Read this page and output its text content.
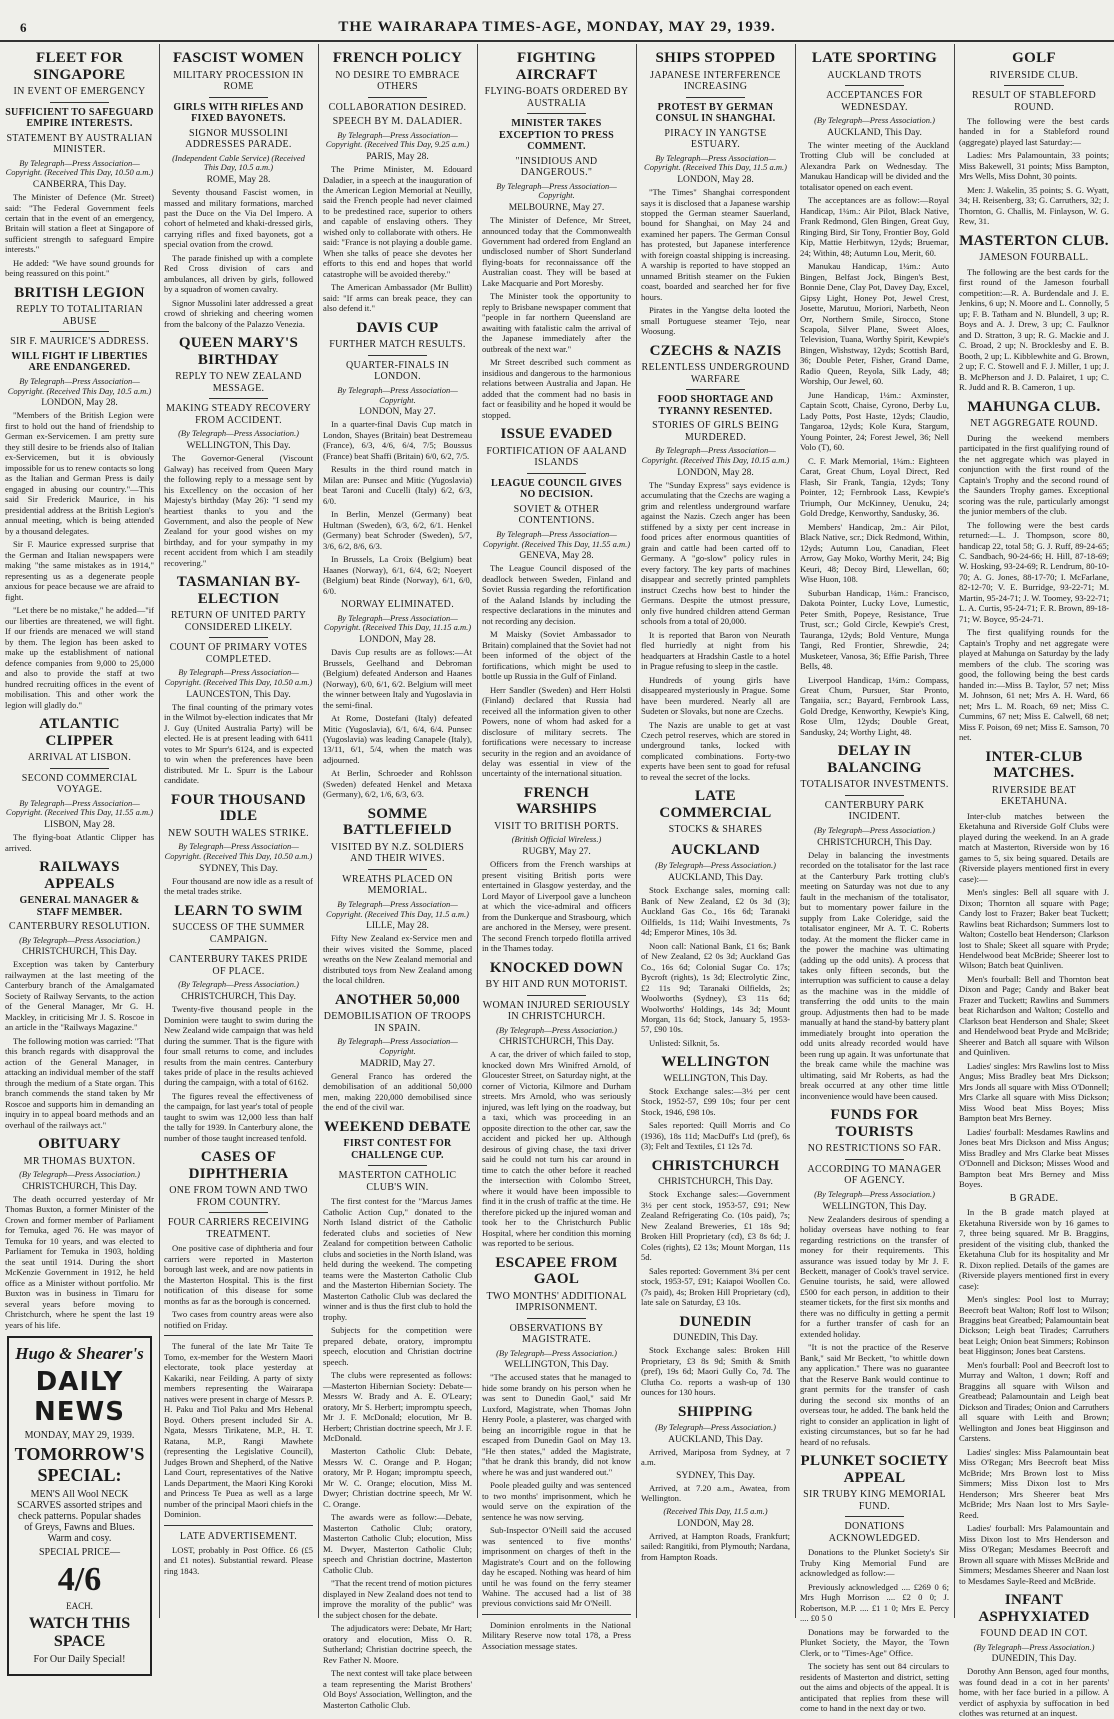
6	THE WAIRARAPA TIMES-AGE, MONDAY, MAY 29, 1939.
FLEET FOR SINGAPORE
IN EVENT OF EMERGENCY
SUFFICIENT TO SAFEGUARD EMPIRE INTERESTS.
STATEMENT BY AUSTRALIAN MINISTER.
By Telegraph—Press Association—Copyright. (Received This Day, 10.50 a.m.)
CANBERRA, This Day.
The Minister of Defence (Mr. Street) said: "The Federal Government feels certain that in the event of an emergency, Britain will station a fleet at Singapore of sufficient strength to safeguard Empire interests."
He added: "We have sound grounds for being reassured on this point."
BRITISH LEGION
REPLY TO TOTALITARIAN ABUSE
SIR F. MAURICE'S ADDRESS.
WILL FIGHT IF LIBERTIES ARE ENDANGERED.
By Telegraph—Press Association—Copyright. (Received This Day, 10.5 a.m.)
LONDON, May 28.
"Members of the British Legion were first to hold out the hand of friendship to German ex-Servicemen. I am pretty sure they still desire to be friends also of Italian ex-Servicemen, but it is obviously impossible for us to renew contacts so long as the Italian and German Press is daily engaged in abusing our country."—This said Sir Frederick Maurice, in his presidential address at the British Legion's annual meeting, which is being attended by a thousand delegates.
Sir F. Maurice expressed surprise that the German and Italian newspapers were making "the same mistakes as in 1914," representing us as a degenerate people anxious for peace because we are afraid to fight.
"Let there be no mistake," he added—"if our liberties are threatened, we will fight. If our friends are menaced we will stand by them. The legion has been asked to make up the establishment of national defence companies from 9,000 to 25,000 and also to provide the staff at two hundred recruiting offices in the event of mobilisation. This and other work the legion will gladly do."
ATLANTIC CLIPPER
ARRIVAL AT LISBON.
SECOND COMMERCIAL VOYAGE.
By Telegraph—Press Association—Copyright. (Received This Day, 11.55 a.m.)
LISBON, May 28.
The flying-boat Atlantic Clipper has arrived.
RAILWAYS APPEALS
GENERAL MANAGER & STAFF MEMBER.
CANTERBURY RESOLUTION.
(By Telegraph—Press Association.)
CHRISTCHURCH, This Day.
Exception was taken by Canterbury railwaymen at the last meeting of the Canterbury branch of the Amalgamated Society of Railway Servants, to the action of the General Manager, Mr G. H. Mackley, in criticising Mr J. S. Roscoe in an article in the "Railways Magazine."
The following motion was carried: "That this branch regards with disapproval the action of the General Manager, in attacking an individual member of the staff through the medium of a State organ. This branch commends the stand taken by Mr Roscoe and supports him in demanding an inquiry in to appeal board methods and an overhaul of the railways act."
OBITUARY
MR THOMAS BUXTON.
(By Telegraph—Press Association.)
CHRISTCHURCH, This Day.
The death occurred yesterday of Mr Thomas Buxton, a former Minister of the Crown and former member of Parliament for Temuka, aged 76. He was mayor of Temuka for 10 years, and was elected to Parliament for Temuka in 1903, holding the seat until 1914. During the short McKenzie Government in 1912, he held office as a Minister without portfolio. Mr Buxton was in business in Timaru for several years before moving to Christchurch, where he spent the last 19 years of his life.
Hugo & Shearer's
DAILY NEWS
MONDAY, MAY 29, 1939.
TOMORROW'S SPECIAL:
MEN'S All Wool NECK SCARVES assorted stripes and check patterns. Popular shades of Greys, Fawns and Blues. Warm and cosy.
SPECIAL PRICE—
4/6
EACH.
WATCH THIS SPACE
For Our Daily Special!
FASCIST WOMEN
MILITARY PROCESSION IN ROME
GIRLS WITH RIFLES AND FIXED BAYONETS.
SIGNOR MUSSOLINI ADDRESSES PARADE.
(Independent Cable Service) (Received This Day, 10.5 a.m.)
ROME, May 28.
Seventy thousand Fascist women, in massed and military formations, marched past the Duce on the Via Del Impero. A cohort of helmeted and khaki-dressed girls, carrying rifles and fixed bayonets, got a special ovation from the crowd.
The parade finished up with a complete Red Cross division of cars and ambulances, all driven by girls, followed by a squadron of women cavalry.
Signor Mussolini later addressed a great crowd of shrieking and cheering women from the balcony of the Palazzo Venezia.
QUEEN MARY'S BIRTHDAY
REPLY TO NEW ZEALAND MESSAGE.
MAKING STEADY RECOVERY FROM ACCIDENT.
(By Telegraph—Press Association.)
WELLINGTON, This Day.
The Governor-General (Viscount Galway) has received from Queen Mary the following reply to a message sent by his Excellency on the occasion of her Majesty's birthday (May 26): "I send my heartiest thanks to you and the Government, and also the people of New Zealand for your good wishes on my birthday, and for your sympathy in my recent accident from which I am steadily recovering."
TASMANIAN BY-ELECTION
RETURN OF UNITED PARTY CONSIDERED LIKELY.
COUNT OF PRIMARY VOTES COMPLETED.
By Telegraph—Press Association—Copyright. (Received This Day, 10.50 a.m.)
LAUNCESTON, This Day.
The final counting of the primary votes in the Wilmot by-election indicates that Mr J. Guy (United Australia Party) will be elected. He is at present leading with 6411 votes to Mr Spurr's 6124, and is expected to win when the preferences have been distributed. Mr L. Spurr is the Labour candidate.
FOUR THOUSAND IDLE
NEW SOUTH WALES STRIKE.
By Telegraph—Press Association—Copyright. (Received This Day, 10.50 a.m.)
SYDNEY, This Day.
Four thousand are now idle as a result of the metal trades strike.
LEARN TO SWIM
SUCCESS OF THE SUMMER CAMPAIGN.
CANTERBURY TAKES PRIDE OF PLACE.
(By Telegraph—Press Association.)
CHRISTCHURCH, This Day.
Twenty-five thousand people in the Dominion were taught to swim during the New Zealand wide campaign that was held during the summer. That is the figure with four small returns to come, and includes results from the main centres. Canterbury takes pride of place in the results achieved during the campaign, with a total of 6162.
The figures reveal the effectiveness of the campaign, for last year's total of people taught to swim was 12,000 less than half the tally for 1939. In Canterbury alone, the number of those taught increased tenfold.
CASES OF DIPHTHERIA
ONE FROM TOWN AND TWO FROM COUNTRY.
FOUR CARRIERS RECEIVING TREATMENT.
One positive case of diphtheria and four carriers were reported in Masterton borough last week, and are now patients in the Masterton Hospital. This is the first notification of this disease for some months as far as the borough is concerned.
Two cases from country areas were also notified on Friday.
The funeral of the late Mr Taite Te Tomo, ex-member for the Western Maori electorate, took place yesterday at Kakariki, near Feilding. A party of sixty members representing the Wairarapa natives were present in charge of Messrs P. H. Paku and Tiol Paku and Mrs Hebenal Boyd. Others present included Sir A. Ngata, Messrs Tirikatene, M.P., H. T. Ratana, M.P., Rangi Mawhete (representing the Legislative Council), Judges Brown and Shepherd, of the Native Land Court, representatives of the Native Lands Department, the Maori King Koroki and Princess Te Puea as well as a large number of the principal Maori chiefs in the Dominion.
LATE ADVERTISEMENT.
LOST, probably in Post Office. £6 (£5 and £1 notes). Substantial reward. Please ring 1843.
FRENCH POLICY
NO DESIRE TO EMBRACE OTHERS
COLLABORATION DESIRED.
SPEECH BY M. DALADIER.
By Telegraph—Press Association—Copyright. (Received This Day, 9.25 a.m.)
PARIS, May 28.
The Prime Minister, M. Edouard Daladier, in a speech at the inauguration of the American Legion Memorial at Neuilly, said the French people had never claimed to be predestined race, superior to others and capable of enslaving others. They wished only to collaborate with others. He said: "France is not playing a double game. When she talks of peace she devotes her efforts to this end and hopes that world catastrophe will be avoided thereby."
The American Ambassador (Mr Bullitt) said: "If arms can break peace, they can also defend it."
DAVIS CUP
FURTHER MATCH RESULTS.
QUARTER-FINALS IN LONDON.
By Telegraph—Press Association—Copyright.
LONDON, May 27.
In a quarter-final Davis Cup match in London, Shayes (Britain) beat Destremeau (France), 6/3, 4/6, 6/4, 7/5; Boussus (France) beat Shaffi (Britain) 6/0, 6/2, 7/5.
Results in the third round match in Milan are: Punsec and Mitic (Yugoslavia) beat Taroni and Cucelli (Italy) 6/2, 6/3, 6/0.
In Berlin, Menzel (Germany) beat Hultman (Sweden), 6/3, 6/2, 6/1. Henkel (Germany) beat Schroder (Sweden), 5/7, 3/6, 6/2, 8/6, 6/3.
In Brussels, La Croix (Belgium) beat Haanes (Norway), 6/1, 6/4, 6/2; Noeyert (Belgium) beat Rinde (Norway), 6/1, 6/0, 6/0.
NORWAY ELIMINATED.
By Telegraph—Press Association—Copyright. (Received This Day, 11.15 a.m.)
LONDON, May 28.
Davis Cup results are as follows:—At Brussels, Geelhand and Debroman (Belgium) defeated Anderson and Haanes (Norway), 6/0, 6/1, 6/2. Belgium will meet the winner between Italy and Yugoslavia in the semi-final.
At Rome, Dostefani (Italy) defeated Mitic (Yugoslavia), 6/1, 6/4, 6/4. Punsec (Yugoslavia) was leading Canapele (Italy), 13/11, 6/1, 5/4, when the match was adjourned.
At Berlin, Schroeder and Rohlsson (Sweden) defeated Henkel and Metaxa (Germany), 6/2, 1/6, 6/3, 6/3.
SOMME BATTLEFIELD
VISITED BY N.Z. SOLDIERS AND THEIR WIVES.
WREATHS PLACED ON MEMORIAL.
By Telegraph—Press Association—Copyright. (Received This Day, 11.5 a.m.)
LILLE, May 28.
Fifty New Zealand ex-Service men and their wives visited the Somme, placed wreaths on the New Zealand memorial and distributed toys from New Zealand among the local children.
ANOTHER 50,000
DEMOBILISATION OF TROOPS IN SPAIN.
By Telegraph—Press Association—Copyright.
MADRID, May 27.
General Franco has ordered the demobilisation of an additional 50,000 men, making 220,000 demobilised since the end of the civil war.
WEEKEND DEBATE
FIRST CONTEST FOR CHALLENGE CUP.
MASTERTON CATHOLIC CLUB'S WIN.
The first contest for the "Marcus James Catholic Action Cup," donated to the North Island district of the Catholic federated clubs and societies of New Zealand for competition between Catholic clubs and societies in the North Island, was held during the weekend. The competing teams were the Masterton Catholic Club and the Masterton Hibernian Society. The Masterton Catholic Club was declared the winner and is thus the first club to hold the trophy.
Subjects for the competition were prepared debate, oratory, impromptu speech, elocution and Christian doctrine speech.
The clubs were represented as follows:—Masterton Hibernian Society: Debate—Messrs W. Brady and A. E. O'Leary; oratory, Mr S. Herbert; impromptu speech, Mr J. F. McDonald; elocution, Mr B. Herbert; Christian doctrine speech, Mr J. F. McDonald.
Masterton Catholic Club: Debate, Messrs W. C. Orange and P. Hogan; oratory, Mr P. Hogan; impromptu speech, Mr W. C. Orange; elocution, Miss M. Dwyer; Christian doctrine speech, Mr W. C. Orange.
The awards were as follow:—Debate, Masterton Catholic Club; oratory, Masterton Catholic Club; elocution, Miss M. Dwyer, Masterton Catholic Club; speech and Christian doctrine, Masterton Catholic Club.
"That the recent trend of motion pictures displayed in New Zealand does not tend to improve the morality of the public" was the subject chosen for the debate.
The adjudicators were: Debate, Mr Hart; oratory and elocution, Miss O. R. Sutherland; Christian doctrine speech, the Rev Father N. Moore.
The next contest will take place between a team representing the Marist Brothers' Old Boys' Association, Wellington, and the Masterton Catholic Club.
FIGHTING AIRCRAFT
FLYING-BOATS ORDERED BY AUSTRALIA
MINISTER TAKES EXCEPTION TO PRESS COMMENT.
"INSIDIOUS AND DANGEROUS."
By Telegraph—Press Association—Copyright.
MELBOURNE, May 27.
The Minister of Defence, Mr Street, announced today that the Commonwealth Government had ordered from England an undisclosed number of Short Sunderland flying-boats for reconnaissance off the Australian coast. They will be based at Lake Macquarie and Port Moresby.
The Minister took the opportunity to reply to Brisbane newspaper comment that "people in far northern Queensland are awaiting with fatalistic calm the arrival of the Japanese immediately after the outbreak of the next war."
Mr Street described such comment as insidious and dangerous to the harmonious relations between Australia and Japan. He added that the comment had no basis in fact or feasibility and he hoped it would be stopped.
ISSUE EVADED
FORTIFICATION OF AALAND ISLANDS
LEAGUE COUNCIL GIVES NO DECISION.
SOVIET & OTHER CONTENTIONS.
By Telegraph—Press Association—Copyright. (Received This Day, 11.55 a.m.)
GENEVA, May 28.
The League Council disposed of the deadlock between Sweden, Finland and Soviet Russia regarding the refortification of the Aaland Islands by including the respective declarations in the minutes and not recording any decision.
M Maisky (Soviet Ambassador to Britain) complained that the Soviet had not been informed of the object of the fortifications, which might be used to bottle up Russia in the Gulf of Finland.
Herr Sandler (Sweden) and Herr Holsti (Finland) declared that Russia had received all the information given to other Powers, none of whom had asked for a disclosure of military secrets. The fortifications were necessary to increase security in the region and an avoidance of delay was essential in view of the uncertainty of the international situation.
FRENCH WARSHIPS
VISIT TO BRITISH PORTS.
(British Official Wireless.)
RUGBY, May 27.
Officers from the French warships at present visiting British ports were entertained in Glasgow yesterday, and the Lord Mayor of Liverpool gave a luncheon at which the vice-admiral and officers from the Dunkerque and Strasbourg, which are anchored in the Mersey, were present. The second French torpedo flotilla arrived in the Thames today.
KNOCKED DOWN
BY HIT AND RUN MOTORIST.
WOMAN INJURED SERIOUSLY IN CHRISTCHURCH.
(By Telegraph—Press Association.)
CHRISTCHURCH, This Day.
A car, the driver of which failed to stop, knocked down Mrs Winifred Arnold, of Gloucester Street, on Saturday night, at the corner of Victoria, Kilmore and Durham streets. Mrs Arnold, who was seriously injured, was left lying on the roadway, but a taxi, which was proceeding in an opposite direction to the other car, saw the accident and picked her up. Although desirous of giving chase, the taxi driver said he could not turn his car around in time to catch the other before it reached the intersection with Colombo Street, where it would have been impossible to find it in the crush of traffic at the time. He therefore picked up the injured woman and took her to the Christchurch Public Hospital, where her condition this morning was reported to be serious.
ESCAPEE FROM GAOL
TWO MONTHS' ADDITIONAL IMPRISONMENT.
OBSERVATIONS BY MAGISTRATE.
(By Telegraph—Press Association.)
WELLINGTON, This Day.
"The accused states that he managed to hide some brandy on his person when he was sent to Dunedin Gaol," said Mr Luxford, Magistrate, when Thomas John Henry Poole, a plasterer, was charged with being an incorrigible rogue in that he escaped from Dunedin Gaol on May 13. "He then states," added the Magistrate, "that he drank this brandy, did not know where he was and just wandered out."
Poole pleaded guilty and was sentenced to two months' imprisonment, which he would serve on the expiration of the sentence he was now serving.
Sub-Inspector O'Neill said the accused was sentenced to five months' imprisonment on charges of theft in the Magistrate's Court and on the following day he escaped. Nothing was heard of him until he was found on the ferry steamer Wahine. The accused had a list of 38 previous convictions said Mr O'Neill.
Dominion enrolments in the National Military Reserve now total 178, a Press Association message states.
SHIPS STOPPED
JAPANESE INTERFERENCE INCREASING
PROTEST BY GERMAN CONSUL IN SHANGHAI.
PIRACY IN YANGTSE ESTUARY.
By Telegraph—Press Association—Copyright. (Received This Day, 11.5 a.m.)
LONDON, May 28.
"The Times" Shanghai correspondent says it is disclosed that a Japanese warship stopped the German steamer Sauerland, bound for Shanghai, on May 24 and examined her papers. The German Consul has protested, but Japanese interference with foreign coastal shipping is increasing. A warship is reported to have stopped an unnamed British steamer on the Fukien coast, boarded and searched her for five hours.
Pirates in the Yangtse delta looted the small Portuguese steamer Tejo, near Woosung.
CZECHS & NAZIS
RELENTLESS UNDERGROUND WARFARE
FOOD SHORTAGE AND TYRANNY RESENTED.
STORIES OF GIRLS BEING MURDERED.
By Telegraph—Press Association—Copyright. (Received This Day, 10.15 a.m.)
LONDON, May 28.
The "Sunday Express" says evidence is accumulating that the Czechs are waging a grim and relentless underground warfare against the Nazis. Czech anger has been stiffened by a sixty per cent increase in food prices after enormous quantities of grain and cattle had been carted off to Germany. A "go-slow" policy rules in every factory. The key parts of machines disappear and secretly printed pamphlets instruct Czechs how best to hinder the Germans. Despite the utmost pressure, only five hundred children attend German schools from a total of 20,000.
It is reported that Baron von Neurath fled hurriedly at night from his headquarters at Hradshin Castle to a hotel in Prague refusing to sleep in the castle.
Hundreds of young girls have disappeared mysteriously in Prague. Some have been murdered. Nearly all are Sudeten or Slovaks, but none are Czechs.
The Nazis are unable to get at vast Czech petrol reserves, which are stored in underground tanks, locked with complicated combinations. Forty-two experts have been sent to goad for refusal to reveal the secret of the locks.
LATE COMMERCIAL
STOCKS & SHARES
AUCKLAND
(By Telegraph—Press Association.)
AUCKLAND, This Day.
Stock Exchange sales, morning call: Bank of New Zealand, £2 0s 3d (3); Auckland Gas Co., 16s 6d; Taranaki Oilfields, 1s 11d; Waihi Investments, 7s 4d; Emperor Mines, 10s 3d.
Noon call: National Bank, £1 6s; Bank of New Zealand, £2 0s 3d; Auckland Gas Co., 16s 6d; Colonial Sugar Co. 17s; Bycroft (rights), 1s 3d; Electrolytic Zinc, £2 11s 9d; Taranaki Oilfields, 2s; Woolworths (Sydney), £3 11s 6d; Woolworths' Holdings, 14s 3d; Mount Morgan, 11s 6d; Stock, January 5, 1953-57, £90 10s.
Unlisted: Silknit, 5s.
WELLINGTON
WELLINGTON, This Day.
Stock Exchange sales:—3½ per cent Stock, 1952-57, £99 10s; four per cent Stock, 1946, £98 10s.
Sales reported: Quill Morris and Co (1936), 18s 11d; MacDuff's Ltd (pref), 6s (3); Felt and Textiles, £1 12s 7d.
CHRISTCHURCH
CHRISTCHURCH, This Day.
Stock Exchange sales:—Government 3½ per cent stock, 1953-57, £91; New Zealand Refrigerating Co. (10s paid), 7s; New Zealand Breweries, £1 18s 9d; Broken Hill Proprietary (cd), £3 8s 6d; J. Coles (rights), £2 13s; Mount Morgan, 11s 5d.
Sales reported: Government 3¼ per cent stock, 1953-57, £91; Kaiapoi Woollen Co. (7s paid), 4s; Broken Hill Proprietary (cd), late sale on Saturday, £3 10s.
DUNEDIN
DUNEDIN, This Day.
Stock Exchange sales: Broken Hill Proprietary, £3 8s 9d; Smith & Smith (pref), 19s 6d; Maori Gully Co, 7d. The Clutha Co. reports a wash-up of 130 ounces for 130 hours.
SHIPPING
(By Telegraph—Press Association.)
AUCKLAND, This Day.
Arrived, Mariposa from Sydney, at 7 a.m.
SYDNEY, This Day.
Arrived, at 7.20 a.m., Awatea, from Wellington.
(Received This Day, 11.5 a.m.)
LONDON, May 28.
Arrived, at Hampton Roads, Frankfurt; sailed: Rangitiki, from Plymouth; Nardana, from Hampton Roads.
LATE SPORTING
AUCKLAND TROTS
ACCEPTANCES FOR WEDNESDAY.
(By Telegraph—Press Association.)
AUCKLAND, This Day.
The winter meeting of the Auckland Trotting Club will be concluded at Alexandra Park on Wednesday. The Manukau Handicap will be divided and the totalisator opened on each event.
The acceptances are as follow:—Royal Handicap, 1¼m.: Air Pilot, Black Native, Frank Redmond, Glen Bingen, Great Guy, Ringing Bird, Sir Tony, Frontier Boy, Gold Kip, Mattie Herbitwyn, 12yds; Bruemar, 24; Within, 48; Autumn Lou, Merit, 60.
Manukau Handicap, 1¼m.: Auto Bingen, Belfast Jock, Bingen's Best, Bonnie Dene, Clay Pot, Davey Day, Excel, Gipsy Light, Honey Pot, Jewel Crest, Josette, Marutuu, Moriori, Narbeth, Neon Orr, Northern Smile, Sirocco, Stone Scapola, Silver Plane, Sweet Aloes, Television, Tuana, Worthy Spirit, Kewpie's Bingen, Wishstway, 12yds; Scottish Bard, 36; Double Peter, Fisher, Grand Dame, Radio Queen, Reyola, Silk Lady, 48; Worship, Our Jewel, 60.
June Handicap, 1¼m.: Axminster, Captain Scott, Chaise, Cyrono, Derby Lu, Lady Potts, Post Haste, 12yds; Claudio, Tangaroa, 12yds; Kole Kura, Stargum, Young Pointer, 24; Forest Jewel, 36; Nell Volo (T), 60.
C. F. Mark Memorial, 1¼m.: Eighteen Carat, Great Chum, Loyal Direct, Red Flash, Sir Frank, Tangia, 12yds; Tony Pointer, 12; Fernbrook Lass, Kewpie's Triumph, Our McKinney, Uenuku, 24; Gold Dredge, Kenworthy, Sandusky, 36.
Members' Handicap, 2m.: Air Pilot, Black Native, scr.; Dick Redmond, Within, 12yds; Autumn Lou, Canadian, Fleet Arrow, Gay Moko, Worthy Merit, 24; Big Keuri, 48; Decoy Bird, Llewellan, 60; Wise Huon, 108.
Suburban Handicap, 1¼m.: Francisco, Dakota Pointer, Lucky Love, Lumestic, Peter Smith, Popeye, Resistance, True Trust, scr.; Gold Circle, Kewpie's Crest, Tauranga, 12yds; Bold Venture, Munga Tangi, Red Frontier, Shrewdie, 24; Musketeer, Vanosa, 36; Effie Parish, Three Bells, 48.
Liverpool Handicap, 1¼m.: Compass, Great Chum, Pursuer, Star Pronto, Tangaiia, scr.; Bayard, Fernbrook Lass, Gold Dredge, Kenworthy, Kewpie's King, Rose Ulm, 12yds; Double Great, Sandusky, 24; Worthy Light, 48.
DELAY IN BALANCING
TOTALISATOR INVESTMENTS.
CANTERBURY PARK INCIDENT.
(By Telegraph—Press Association.)
CHRISTCHURCH, This Day.
Delay in balancing the investments recorded on the totalisator for the last race at the Canterbury Park trotting club's meeting on Saturday was not due to any fault in the mechanism of the totalisator, but to momentary power failure in the supply from Lake Coleridge, said the totalisator engineer, Mr A. T. C. Roberts today. At the moment the flicker came in the power the machine was ultimating (adding up the odd units). A process that takes only fifteen seconds, but the interruption was sufficient to cause a delay as the machine was in the middle of transferring the odd units to the main group. Adjustments then had to be made manually at hand the stand-by battery plant immediately brought into operation the odd units already recorded would have been rung up again. It was unfortunate that the break came while the machine was ultimating, said Mr Roberts, as had the break occurred at any other time little inconvenience would have been caused.
FUNDS FOR TOURISTS
NO RESTRICTIONS SO FAR.
ACCORDING TO MANAGER OF AGENCY.
(By Telegraph—Press Association.)
WELLINGTON, This Day.
New Zealanders desirous of spending a holiday overseas have nothing to fear regarding restrictions on the transfer of money for their requirements. This assurance was issued today by Mr J. F. Beckett, manager of Cook's travel service. Genuine tourists, he said, were allowed £500 for each person, in addition to their steamer tickets, for the first six months and there was no difficulty in getting a permit for a further transfer of cash for an extended holiday.
"It is not the practice of the Reserve Bank," said Mr Beckett, "to whittle down any application." There was no guarantee that the Reserve Bank would continue to grant permits for the transfer of cash during the second six months of an overseas tour, he added. The bank held the right to consider an application in light of existing circumstances, but so far he had heard of no refusals.
PLUNKET SOCIETY APPEAL
SIR TRUBY KING MEMORIAL FUND.
DONATIONS ACKNOWLEDGED.
Donations to the Plunket Society's Sir Truby King Memorial Fund are acknowledged as follow:—
Previously acknowledged .... £269 0 6; Mrs Hugh Morrison .... £2 0 0; J. Robertson, M.P. .... £1 1 0; Mrs E. Percy .... £0 5 0
Donations may be forwarded to the Plunket Society, the Mayor, the Town Clerk, or to "Times-Age" Office.
The society has sent out 84 circulars to residents of Masterton and district, setting out the aims and objects of the appeal. It is anticipated that replies from these will come to hand in the next day or two.
GOLF
RIVERSIDE CLUB.
RESULT OF STABLEFORD ROUND.
The following were the best cards handed in for a Stableford round (aggregate) played last Saturday:—
Ladies: Mrs Palamountain, 33 points; Miss Bakewell, 31 points; Miss Bampton, Mrs Wells, Miss Dohnt, 30 points.
Men: J. Wakelin, 35 points; S. G. Wyatt, 34; H. Reisenberg, 33; G. Carruthers, 32; J. Thornton, G. Challis, M. Finlayson, W. G. Rew, 31.
MASTERTON CLUB.
JAMESON FOURBALL.
The following are the best cards for the first round of the Jameson fourball competition:—R. A. Burdendale and J. E. Jenkins, 6 up; N. Moore and L. Connolly, 5 up; F. B. Tatham and N. Blundell, 3 up; R. Boys and A. J. Drew, 3 up; C. Faulknor and D. Stratton, 3 up; R. G. Mackie and J. C. Broad, 2 up; N. Brocklesby and E. B. Booth, 2 up; L. Kibblewhite and G. Brown, 2 up; F. C. Stowell and F. J. Miller, 1 up; J. B. McPherson and J. D. Palairet, 1 up; C. R. Judd and R. B. Cameron, 1 up.
MAHUNGA CLUB.
NET AGGREGATE ROUND.
During the weekend members participated in the first qualifying round of the net aggregate which was played in conjunction with the first round of the Captain's Trophy and the second round of the Saunders Trophy games. Exceptional scoring was the rule, particularly amongst the junior members of the club.
The following were the best cards returned:—L. J. Thompson, score 80, handicap 22, total 58; G. J. Ruff, 89-24-65; C. Sandbach, 90-24-66; H. Hill, 87-18-69; W. Hosking, 93-24-69; R. Lendrum, 80-10-70; A. G. Jones, 88-17-70; I. McFarlane, 82-12-70; V. E. Burridge, 93-22-71; M. Martin, 95-24-71; J. W. Toomey, 93-22-71; L. A. Curtis, 95-24-71; F. R. Brown, 89-18-71; W. Boyce, 95-24-71.
The first qualifying rounds for the Captain's Trophy and net aggregate were played at Mahunga on Saturday by the lady members of the club. The scoring was good, the following being the best cards handed in:—Miss B. Taylor, 57 net; Miss M. Johnson, 61 net; Mrs A. H. Ward, 66 net; Mrs L. M. Roach, 69 net; Miss C. Cummins, 67 net; Miss E. Calwell, 68 net; Miss F. Poison, 69 net; Miss E. Samson, 70 net.
INTER-CLUB MATCHES.
RIVERSIDE BEAT EKETAHUNA.
Inter-club matches between the Eketahuna and Riverside Golf Clubs were played during the weekend. In an A grade match at Masterton, Riverside won by 16 games to 5, six being squared. Details are (Riverside players mentioned first in every case):—
Men's singles: Bell all square with J. Dixon; Thornton all square with Page; Candy lost to Frazer; Baker beat Tuckett; Rawlins beat Richardson; Summers lost to Walton; Costello beat Henderson; Clarkson lost to Shale; Skeet all square with Pryde; Hendelwood beat McBride; Sheerer lost to Wilson; Batch beat Quinliven.
Men's fourball: Bell and Thornton beat Dixon and Page; Candy and Baker beat Frazer and Tuckett; Rawlins and Summers beat Richardson and Walton; Costello and Clarkson beat Henderson and Shale; Skeet and Hendelwood beat Pryde and McBride; Sheerer and Batch all square with Wilson and Quinliven.
Ladies' singles: Mrs Rawlins lost to Miss Angus; Miss Bradley beat Mrs Dickson; Mrs Jonds all square with Miss O'Donnell; Mrs Clarke all square with Miss Dickson; Miss Wood beat Miss Boyes; Miss Bampton beat Mrs Berney.
Ladies' fourball: Mesdames Rawlins and Jones beat Mrs Dickson and Miss Angus; Miss Bradley and Mrs Clarke beat Misses O'Donnell and Dickson; Misses Wood and Bampton beat Mrs Berney and Miss Boyes.
B GRADE.
In the B grade match played at Eketahuna Riverside won by 16 games to 7, three being squared. Mr B. Braggins, president of the visiting club, thanked the Eketahuna Club for its hospitality and Mr R. Dixon replied. Details of the games are (Riverside players mentioned first in every case):
Men's singles: Pool lost to Murray; Beecroft beat Walton; Roff lost to Wilson; Braggins beat Greatbed; Palamountain beat Dickson; Leigh beat Tirades; Carruthers beat Leigh; Onion beat Simmers; Robinson beat Higginson; Jones beat Carstens.
Men's fourball: Pool and Beecroft lost to Murray and Walton, 1 down; Roff and Braggins all square with Wilson and Greatbead; Palamountain and Leigh beat Dickson and Tirades; Onion and Carruthers all square with Leith and Brown; Wellington and Jones beat Higginson and Carstens.
Ladies' singles: Miss Palamountain beat Miss O'Regan; Mrs Beecroft beat Miss McBride; Mrs Brown lost to Miss Simmers; Miss Dixon lost to Mrs Henderson; Mrs Sheerer beat Mrs McBride; Mrs Naan lost to Mrs Sayle-Reed.
Ladies' fourball: Mrs Palamountain and Miss Dixon lost to Mrs Henderson and Miss O'Regan; Mesdames Beecroft and Brown all square with Misses McBride and Simmers; Mesdames Sheerer and Naan lost to Mesdames Sayle-Reed and McBride.
INFANT ASPHYXIATED
FOUND DEAD IN COT.
(By Telegraph—Press Association.)
DUNEDIN, This Day.
Dorothy Ann Benson, aged four months, was found dead in a cot in her parents' home, with her face buried in a pillow. A verdict of asphyxia by suffocation in bed clothes was returned at an inquest.
